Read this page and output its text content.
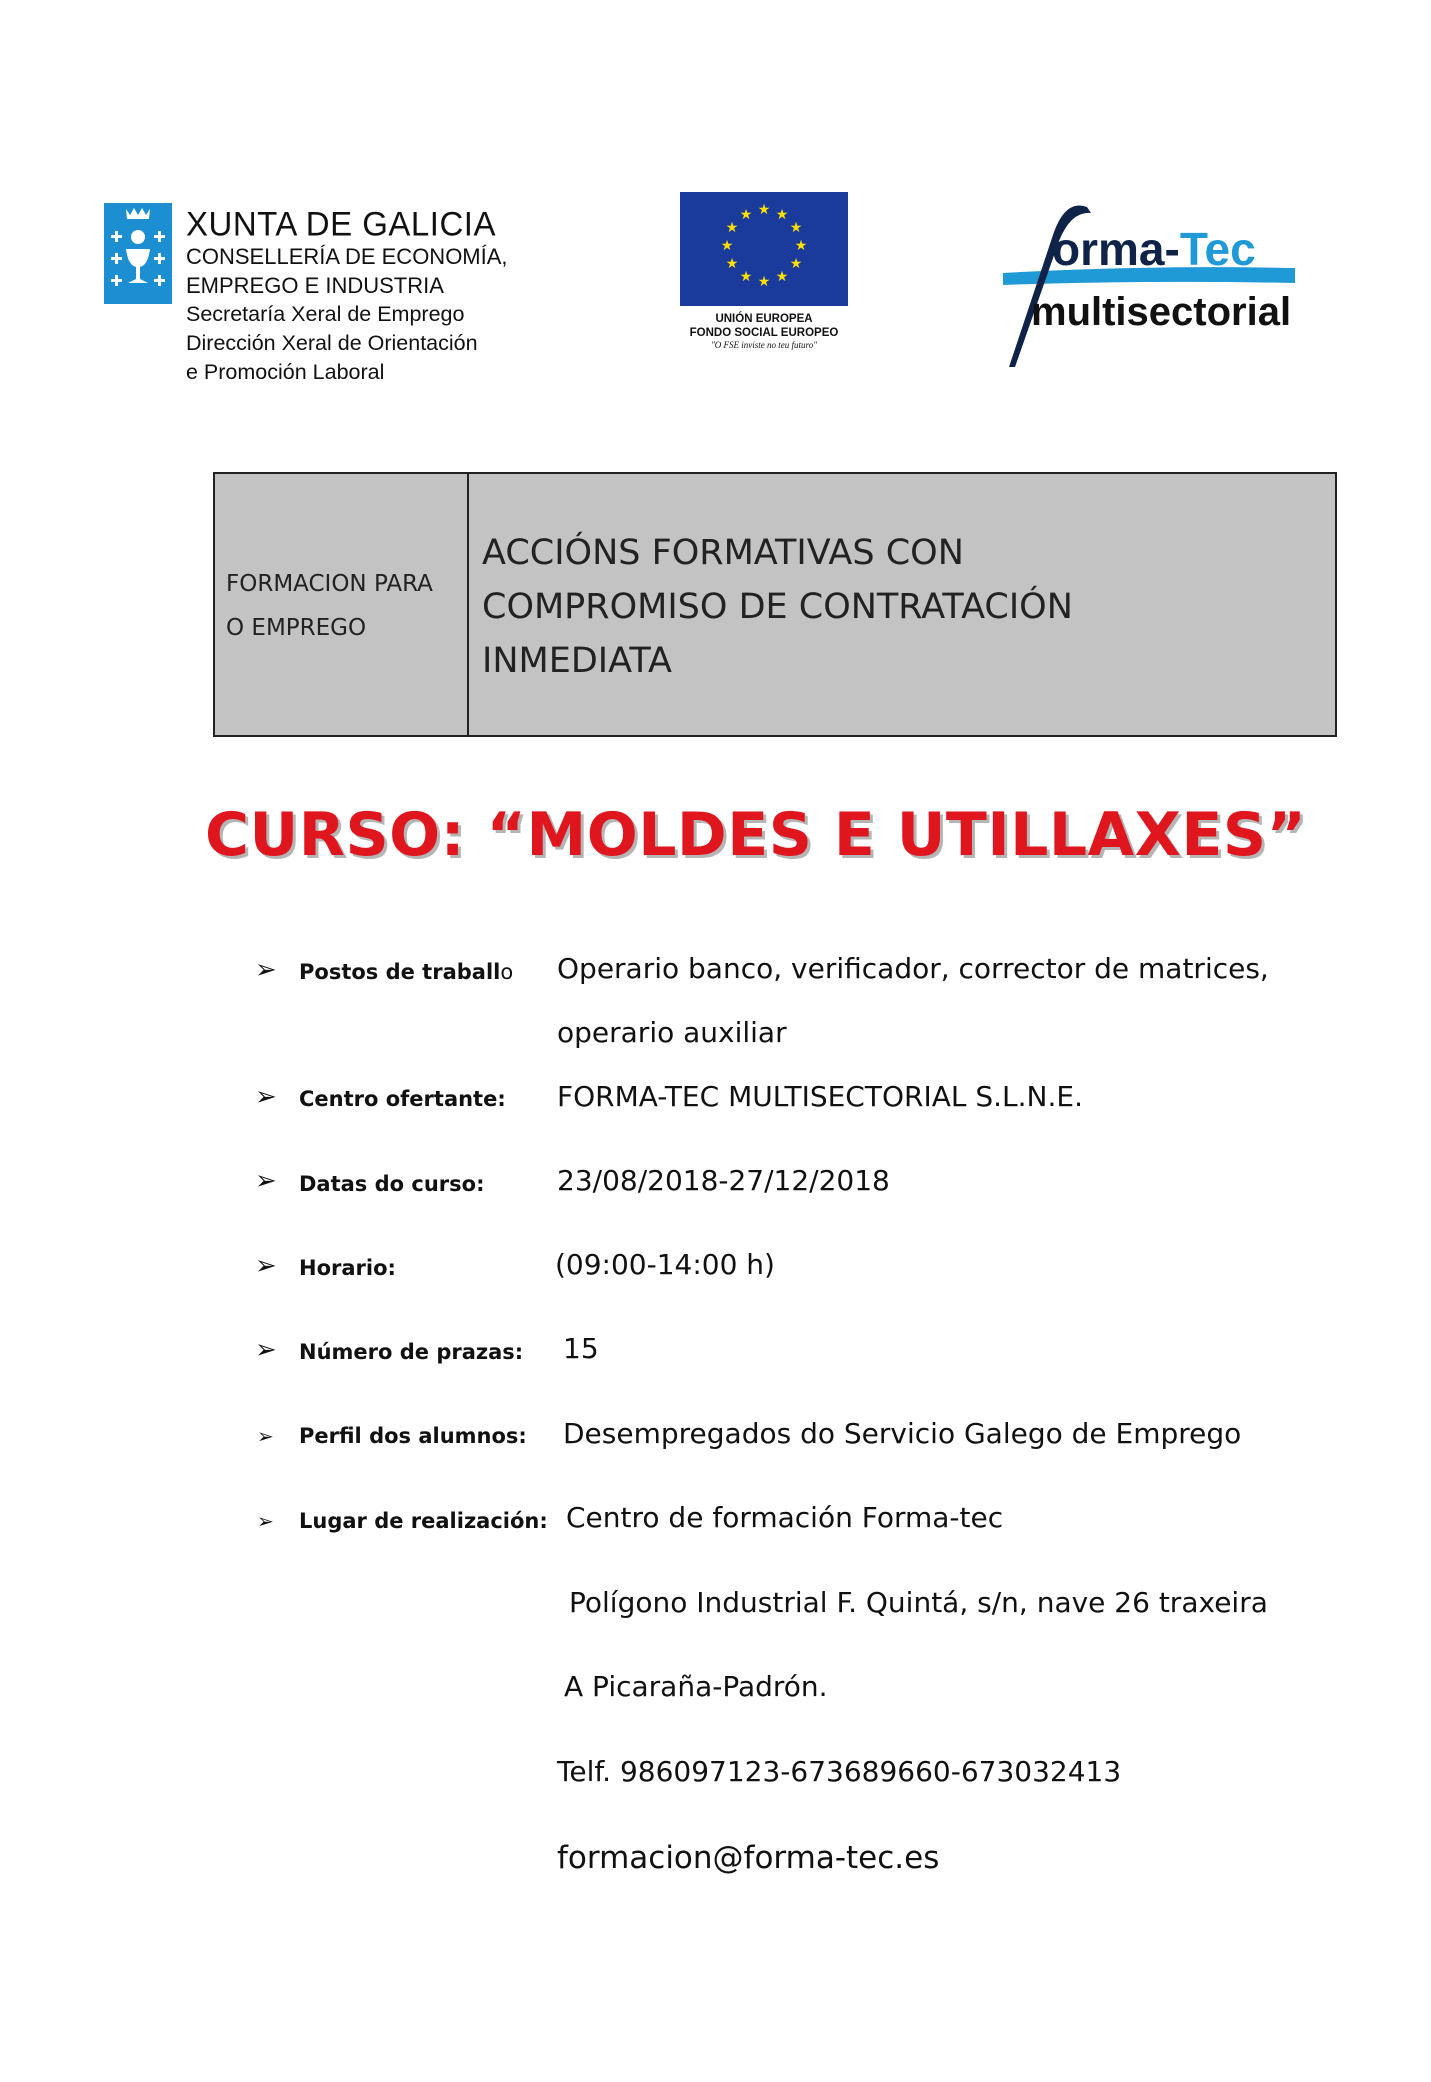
XUNTA DE GALICIA
CONSELLERÍA DE ECONOMÍA,
EMPREGO E INDUSTRIA
Secretaría Xeral de Emprego
Dirección Xeral de Orientación
e Promoción Laboral
★ ★
★
★
★
★
★
★
★
★
★
★
UNIÓN EUROPEA
FONDO SOCIAL EUROPEO
"O FSE inviste no teu futuro"
orma-Tec
multisectorial
FORMACION PARA
O EMPREGO
ACCIÓNS FORMATIVAS CON
COMPROMISO DE CONTRATACIÓN
INMEDIATA
CURSO: “MOLDES E UTILLAXES”
➢ Postos de traballo Operario banco, verificador, corrector de matrices,
operario auxiliar
➢ Centro ofertante: FORMA-TEC MULTISECTORIAL S.L.N.E.
➢ Datas do curso:	23/08/2018-27/12/2018
➢ Horario:	(09:00-14:00 h)
➢ Número de prazas: 15
➢ Perfil dos alumnos: Desempregados do Servicio Galego de Emprego
➢ Lugar de realización: Centro de formación Forma-tec
Polígono Industrial F. Quintá, s/n, nave 26 traxeira
A Picaraña-Padrón.
Telf. 986097123-673689660-673032413
formacion@forma-tec.es
